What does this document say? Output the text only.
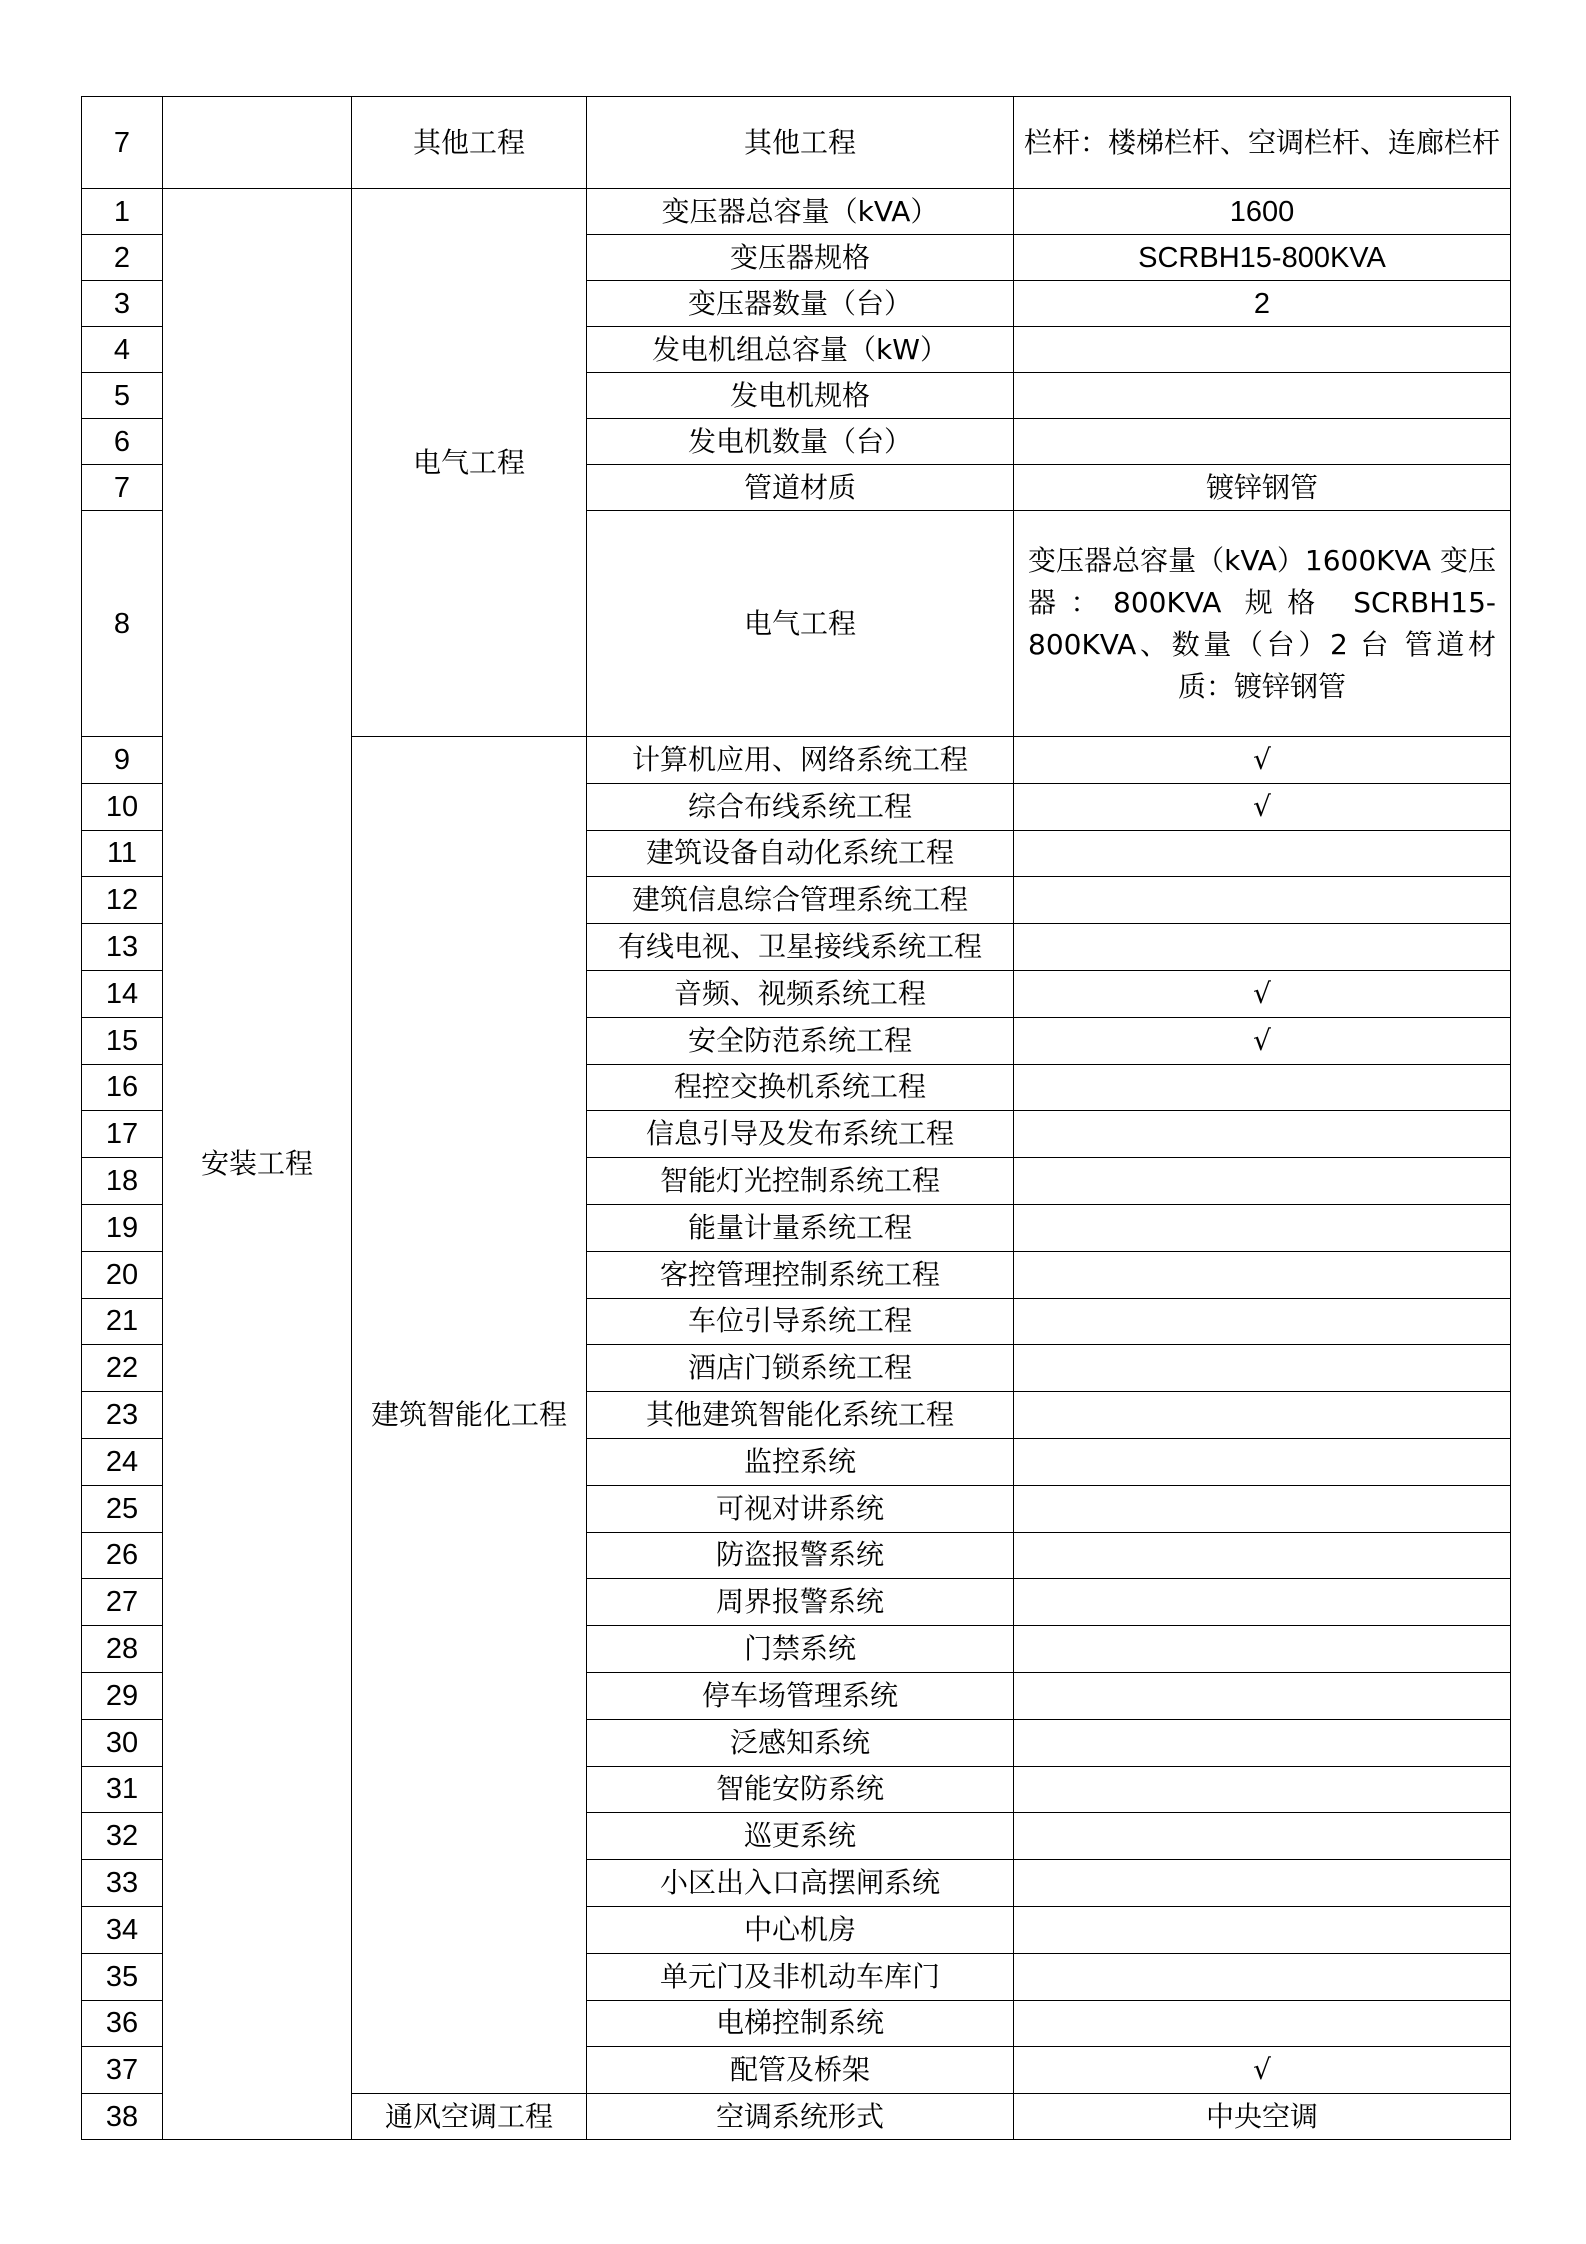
7		其他工程	其他工程	栏杆：楼梯栏杆、空调栏杆、连廊栏杆
1	安装工程	电气工程	变压器总容量（kVA）	1600
2			变压器规格	SCRBH15-800KVA
3			变压器数量（台）	2
4			发电机组总容量（kW）	
5			发电机规格	
6			发电机数量（台）	
7			管道材质	镀锌钢管
8			电气工程	变压器总容量（kVA）1600KVA 变压器：800KVA 规格 SCRBH15-800KVA、数量（台）2 台 管道材质：镀锌钢管
9		建筑智能化工程	计算机应用、网络系统工程	√
10			综合布线系统工程	√
11			建筑设备自动化系统工程	
12			建筑信息综合管理系统工程	
13			有线电视、卫星接线系统工程	
14			音频、视频系统工程	√
15			安全防范系统工程	√
16			程控交换机系统工程	
17			信息引导及发布系统工程	
18			智能灯光控制系统工程	
19			能量计量系统工程	
20			客控管理控制系统工程	
21			车位引导系统工程	
22			酒店门锁系统工程	
23			其他建筑智能化系统工程	
24			监控系统	
25			可视对讲系统	
26			防盗报警系统	
27			周界报警系统	
28			门禁系统	
29			停车场管理系统	
30			泛感知系统	
31			智能安防系统	
32			巡更系统	
33			小区出入口高摆闸系统	
34			中心机房	
35			单元门及非机动车库门	
36			电梯控制系统	
37			配管及桥架	√
38		通风空调工程	空调系统形式	中央空调
